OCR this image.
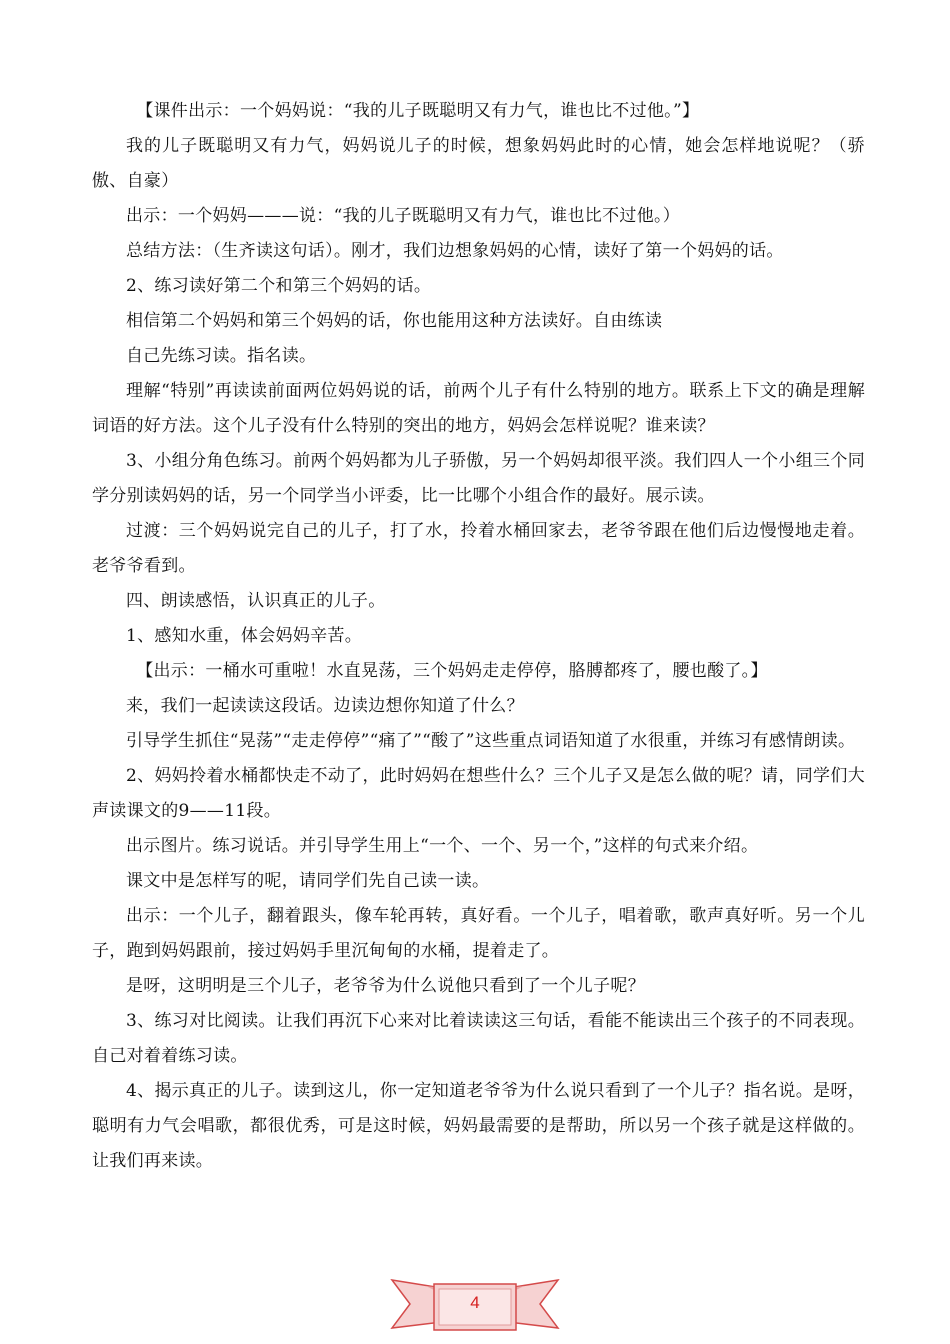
【课件出示：一个妈妈说：“我的儿子既聪明又有力气，谁也比不过他。”】

我的儿子既聪明又有力气，妈妈说儿子的时候，想象妈妈此时的心情，她会怎样地说呢？（骄傲、自豪）

出示：一个妈妈———说：“我的儿子既聪明又有力气，谁也比不过他。）

总结方法：（生齐读这句话）。刚才，我们边想象妈妈的心情，读好了第一个妈妈的话。

2、练习读好第二个和第三个妈妈的话。

相信第二个妈妈和第三个妈妈的话，你也能用这种方法读好。自由练读

自己先练习读。指名读。

理解“特别”再读读前面两位妈妈说的话，前两个儿子有什么特别的地方。联系上下文的确是理解词语的好方法。这个儿子没有什么特别的突出的地方，妈妈会怎样说呢？谁来读？

3、小组分角色练习。前两个妈妈都为儿子骄傲，另一个妈妈却很平淡。我们四人一个小组三个同学分别读妈妈的话，另一个同学当小评委，比一比哪个小组合作的最好。展示读。

过渡：三个妈妈说完自己的儿子，打了水，拎着水桶回家去，老爷爷跟在他们后边慢慢地走着。老爷爷看到。

四、朗读感悟，认识真正的儿子。

1、感知水重，体会妈妈辛苦。

【出示：一桶水可重啦！水直晃荡，三个妈妈走走停停，胳膊都疼了，腰也酸了。】

来，我们一起读读这段话。边读边想你知道了什么？

引导学生抓住“晃荡”“走走停停”“痛了”“酸了”这些重点词语知道了水很重，并练习有感情朗读。

2、妈妈拎着水桶都快走不动了，此时妈妈在想些什么？三个儿子又是怎么做的呢？请，同学们大声读课文的9——11段。

出示图片。练习说话。并引导学生用上“一个、一个、另一个，”这样的句式来介绍。

课文中是怎样写的呢，请同学们先自己读一读。

出示：一个儿子，翻着跟头，像车轮再转，真好看。一个儿子，唱着歌，歌声真好听。另一个儿子，跑到妈妈跟前，接过妈妈手里沉甸甸的水桶，提着走了。

是呀，这明明是三个儿子，老爷爷为什么说他只看到了一个儿子呢？

3、练习对比阅读。让我们再沉下心来对比着读读这三句话，看能不能读出三个孩子的不同表现。自己对着着练习读。

4、揭示真正的儿子。读到这儿，你一定知道老爷爷为什么说只看到了一个儿子？指名说。是呀，聪明有力气会唱歌，都很优秀，可是这时候，妈妈最需要的是帮助，所以另一个孩子就是这样做的。让我们再来读。

4
